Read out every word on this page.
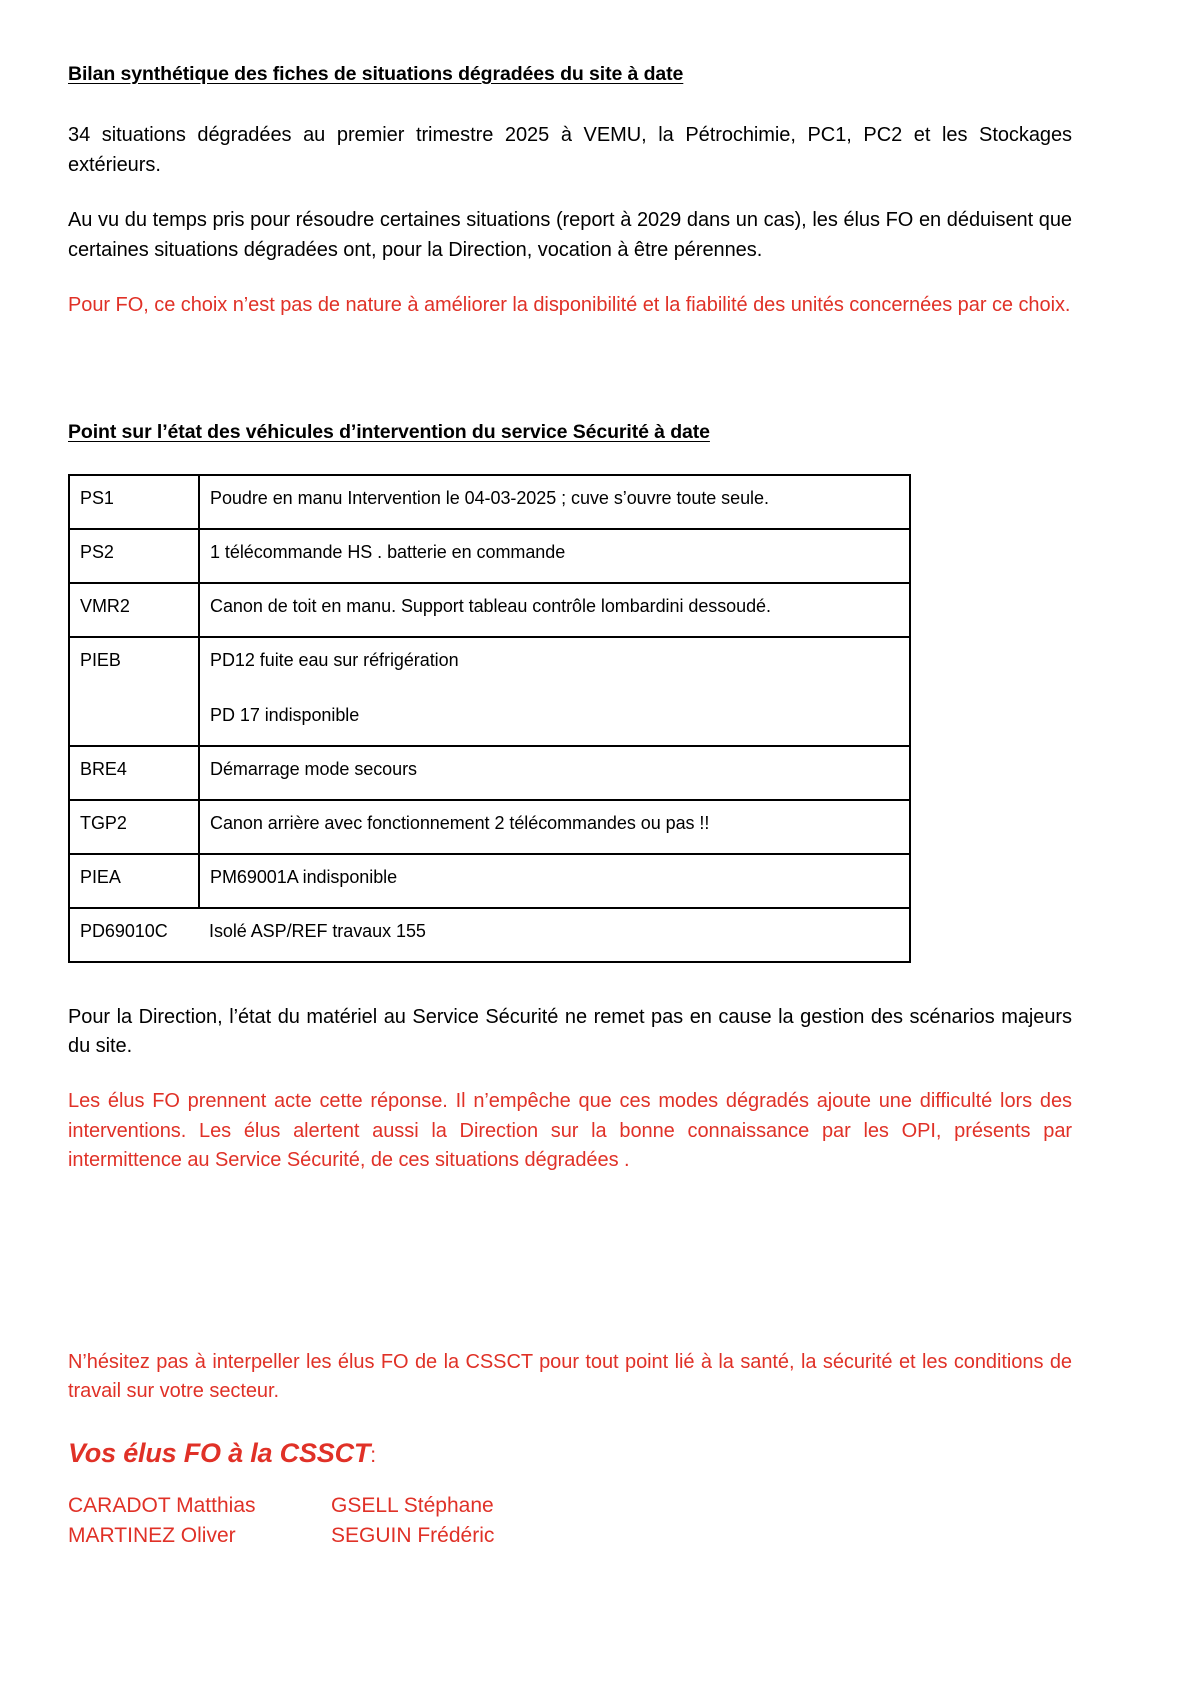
Bilan synthétique des fiches de situations dégradées du site à date

34 situations dégradées au premier trimestre 2025 à VEMU, la Pétrochimie, PC1, PC2 et les Stockages extérieurs.

Au vu du temps pris pour résoudre certaines situations (report à 2029 dans un cas), les élus FO en déduisent que certaines situations dégradées ont, pour la Direction, vocation à être pérennes.

Pour FO, ce choix n’est pas de nature à améliorer la disponibilité et la fiabilité des unités concernées par ce choix.

Point sur l’état des véhicules d’intervention du service Sécurité à date
PS1	Poudre en manu Intervention le 04-03-2025 ; cuve s’ouvre toute seule.
PS2	1 télécommande HS . batterie en commande
VMR2	Canon de toit en manu. Support tableau contrôle lombardini dessoudé.
PIEB	PD12 fuite eau sur réfrigération

PD 17 indisponible

BRE4	Démarrage mode secours
TGP2	Canon arrière avec fonctionnement 2 télécommandes ou pas !!
PIEA	PM69001A indisponible
PD69010C	Isolé ASP/REF travaux 155

Pour la Direction, l’état du matériel au Service Sécurité ne remet pas en cause la gestion des scénarios majeurs du site.

Les élus FO prennent acte cette réponse. Il n’empêche que ces modes dégradés ajoute une difficulté lors des interventions. Les élus alertent aussi la Direction sur la bonne connaissance par les OPI, présents par intermittence au Service Sécurité, de ces situations dégradées .

N’hésitez pas à interpeller les élus FO de la CSSCT pour tout point lié à la santé, la sécurité et les conditions de travail sur votre secteur.

Vos élus FO à la CSSCT:

CARADOT Matthias	GSELL Stéphane
MARTINEZ Oliver	SEGUIN Frédéric
